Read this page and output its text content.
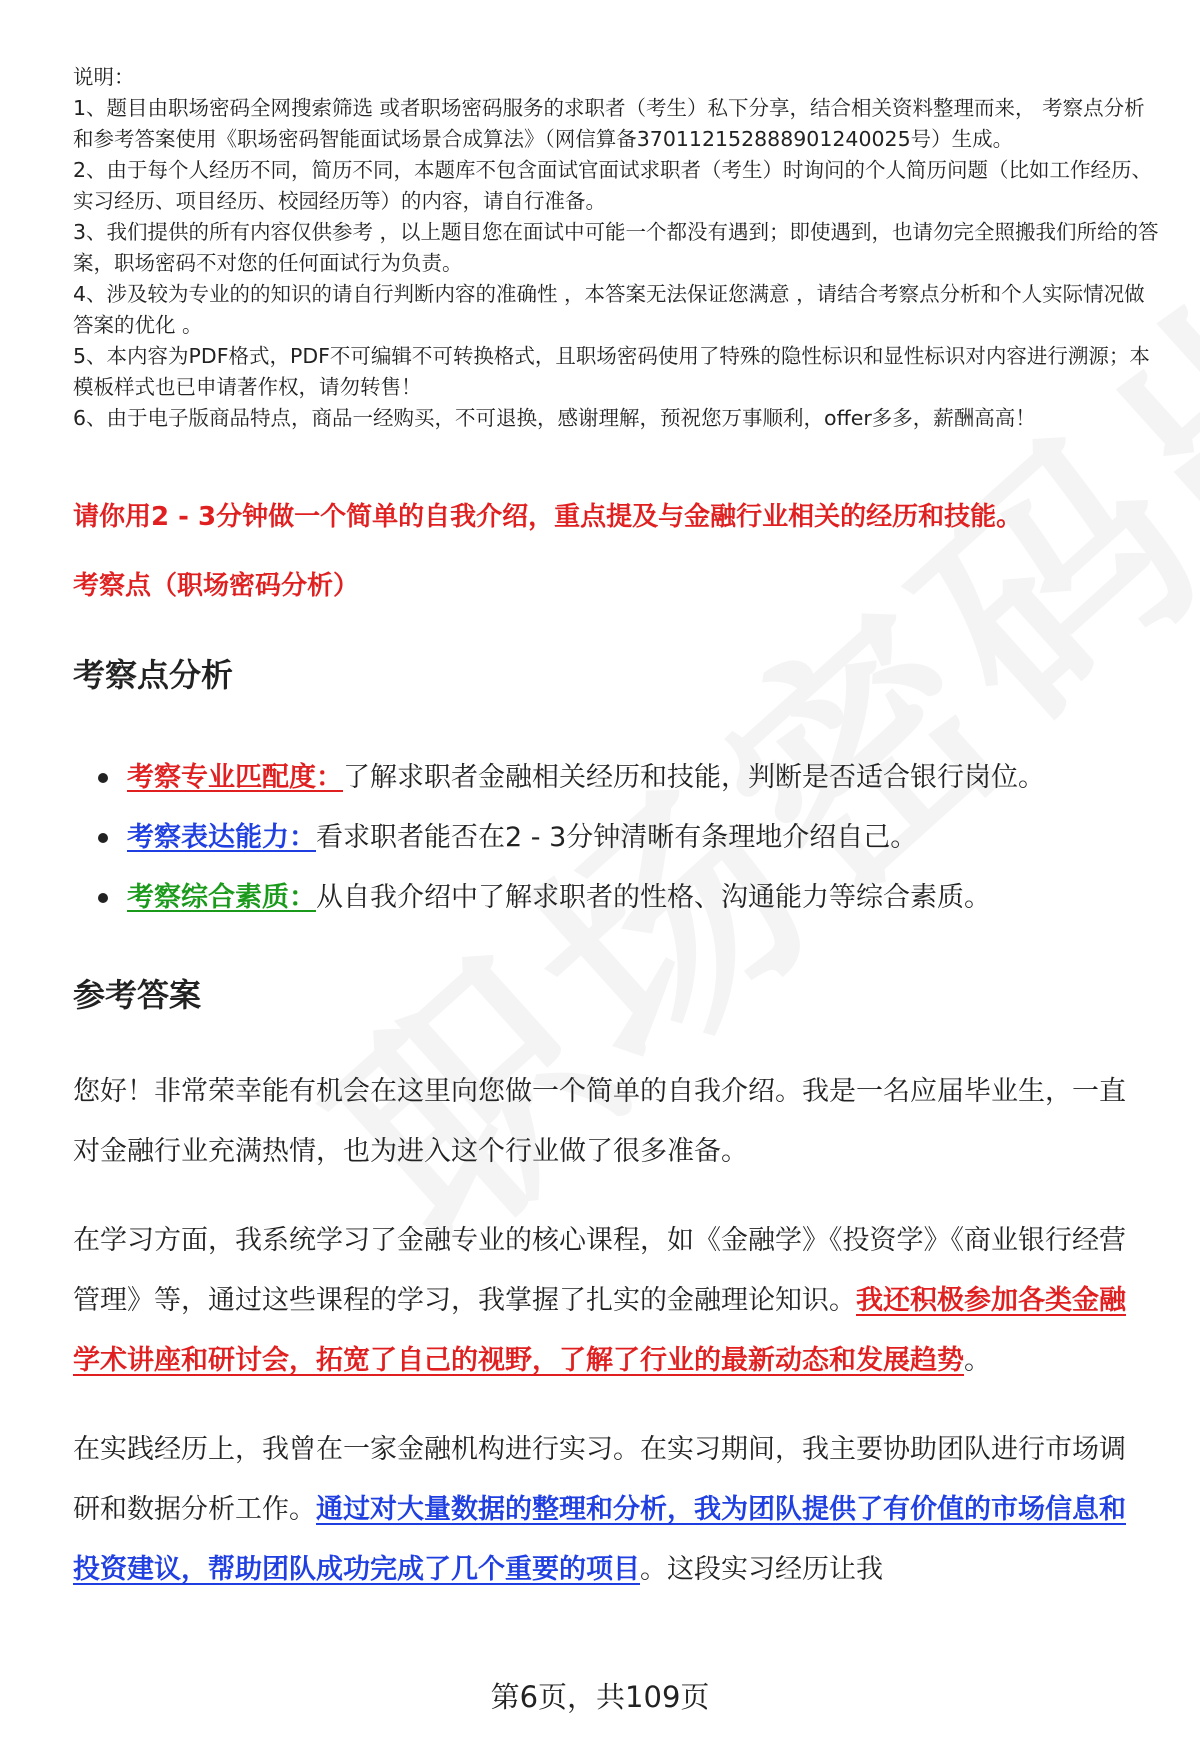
说明：

1、题目由职场密码全网搜索筛选 或者职场密码服务的求职者（考生）私下分享，结合相关资料整理而来， 考察点分析和参考答案使用《职场密码智能面试场景合成算法》（网信算备370112152888901240025号）生成。

2、由于每个人经历不同，简历不同，本题库不包含面试官面试求职者（考生）时询问的个人简历问题（比如工作经历、实习经历、项目经历、校园经历等）的内容，请自行准备。

3、我们提供的所有内容仅供参考 ，以上题目您在面试中可能一个都没有遇到；即使遇到，也请勿完全照搬我们所给的答案，职场密码不对您的任何面试行为负责。

4、涉及较为专业的的知识的请自行判断内容的准确性 ，本答案无法保证您满意 ，请结合考察点分析和个人实际情况做答案的优化 。

5、本内容为PDF格式，PDF不可编辑不可转换格式，且职场密码使用了特殊的隐性标识和显性标识对内容进行溯源；本模板样式也已申请著作权，请勿转售！

6、由于电子版商品特点，商品一经购买，不可退换，感谢理解，预祝您万事顺利，offer多多，薪酬高高！

请你用2 - 3分钟做一个简单的自我介绍，重点提及与金融行业相关的经历和技能。

考察点（职场密码分析）

考察点分析
考察专业匹配度：了解求职者金融相关经历和技能，判断是否适合银行岗位。
考察表达能力：看求职者能否在2 - 3分钟清晰有条理地介绍自己。
考察综合素质：从自我介绍中了解求职者的性格、沟通能力等综合素质。
参考答案

您好！非常荣幸能有机会在这里向您做一个简单的自我介绍。我是一名应届毕业生，一直对金融行业充满热情，也为进入这个行业做了很多准备。

在学习方面，我系统学习了金融专业的核心课程，如《金融学》《投资学》《商业银行经营管理》等，通过这些课程的学习，我掌握了扎实的金融理论知识。我还积极参加各类金融学术讲座和研讨会，拓宽了自己的视野，了解了行业的最新动态和发展趋势。

在实践经历上，我曾在一家金融机构进行实习。在实习期间，我主要协助团队进行市场调研和数据分析工作。通过对大量数据的整理和分析，我为团队提供了有价值的市场信息和投资建议，帮助团队成功完成了几个重要的项目。这段实习经历让我

第6页，共109页
